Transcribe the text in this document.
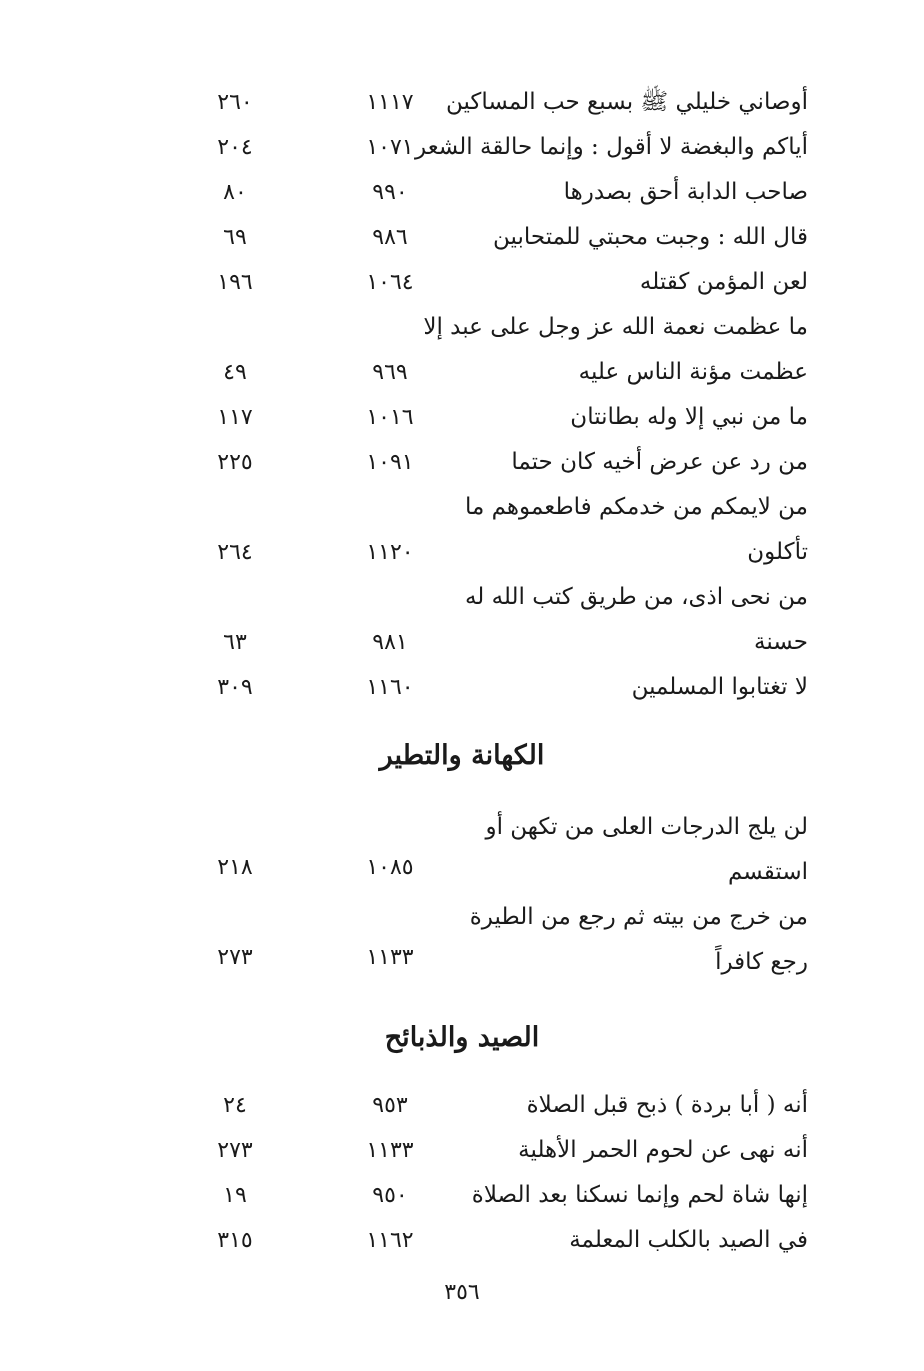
أوصاني خليلي ﷺ بسبع حب المساكين
١١١٧
٢٦٠
أياكم والبغضة لا أقول : وإنما حالقة الشعر
١٠٧١
٢٠٤
صاحب الدابة أحق بصدرها
٩٩٠
٨٠
قال الله : وجبت محبتي للمتحابين
٩٨٦
٦٩
لعن المؤمن كقتله
١٠٦٤
١٩٦
ما عظمت نعمة الله عز وجل على عبد إلا
عظمت مؤنة الناس عليه
٩٦٩
٤٩
ما من نبي إلا وله بطانتان
١٠١٦
١١٧
من رد عن عرض أخيه كان حتما
١٠٩١
٢٢٥
من لايمكم من خدمكم فاطعموهم ما
تأكلون
١١٢٠
٢٦٤
من نحى اذى، من طريق كتب الله له
حسنة
٩٨١
٦٣
لا تغتابوا المسلمين
١١٦٠
٣٠٩
الكهانة والتطير
لن يلج الدرجات العلى من تكهن أو
استقسم
١٠٨٥
٢١٨
من خرج من بيته ثم رجع من الطيرة
رجع كافراً
١١٣٣
٢٧٣
الصيد والذبائح
أنه ( أبا بردة ) ذبح قبل الصلاة
٩٥٣
٢٤
أنه نهى عن لحوم الحمر الأهلية
١١٣٣
٢٧٣
إنها شاة لحم وإنما نسكنا بعد الصلاة
٩٥٠
١٩
في الصيد بالكلب المعلمة
١١٦٢
٣١٥
٣٥٦
